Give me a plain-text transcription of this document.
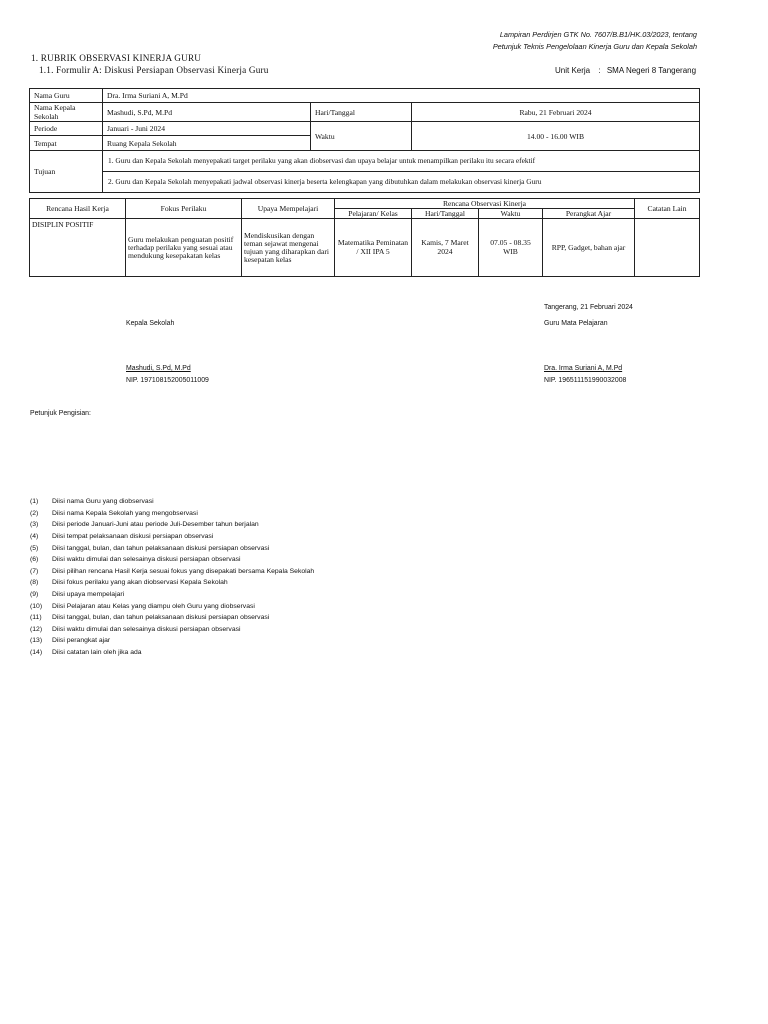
Lampiran Perdirjen GTK No. 7607/B.B1/HK.03/2023, tentang
Petunjuk Teknis Pengelolaan Kinerja Guru dan Kepala Sekolah
1. RUBRIK OBSERVASI KINERJA GURU
1.1. Formulir A: Diskusi Persiapan Observasi Kinerja Guru	Unit Kerja : SMA Negeri 8 Tangerang
Nama Guru	Dra. Irma Suriani A, M.Pd		
Nama Kepala Sekolah	Mashudi, S.Pd, M.Pd	Hari/Tanggal	Rabu, 21 Februari 2024
Periode	Januari - Juni 2024	Waktu	14.00 - 16.00 WIB
Tempat	Ruang Kepala Sekolah		
Tujuan	1. Guru dan Kepala Sekolah menyepakati target perilaku yang akan diobservasi dan upaya belajar untuk menampilkan perilaku itu secara efektif		
	2. Guru dan Kepala Sekolah menyepakati jadwal observasi kinerja beserta kelengkapan yang dibutuhkan dalam melakukan observasi kinerja Guru		
Rencana Hasil Kerja	Fokus Perilaku	Upaya Mempelajari	Rencana Observasi Kinerja				Catatan Lain
			Pelajaran/ Kelas	Hari/Tanggal	Waktu	Perangkat Ajar	
DISIPLIN POSITIF	Guru melakukan penguatan positif terhadap perilaku yang sesuai atau mendukung kesepakatan kelas	Mendiskusikan dengan teman sejawat mengenai tujuan yang diharapkan dari kesepatan kelas	Matematika Peminatan / XII IPA 5	Kamis, 7 Maret 2024	07.05 - 08.35 WIB	RPP, Gadget, bahan ajar	
Tangerang, 21 Februari 2024
Kepala Sekolah	Guru Mata Pelajaran
Mashudi, S.Pd, M.Pd	Dra. Irma Suriani A, M.Pd
NIP. 197108152005011009	NIP. 196511151990032008
Petunjuk Pengisian:
(1)	Diisi nama Guru yang diobservasi
(2)	Diisi nama Kepala Sekolah yang mengobservasi
(3)	Diisi periode Januari-Juni atau periode Juli-Desember tahun berjalan
(4)	Diisi tempat pelaksanaan diskusi persiapan observasi
(5)	Diisi tanggal, bulan, dan tahun pelaksanaan diskusi persiapan observasi
(6)	Diisi waktu dimulai dan selesainya diskusi persiapan observasi
(7)	Diisi pilihan rencana Hasil Kerja sesuai fokus yang disepakati bersama Kepala Sekolah
(8)	Diisi fokus perilaku yang akan diobservasi Kepala Sekolah
(9)	Diisi upaya mempelajari
(10)	Diisi Pelajaran atau Kelas yang diampu oleh Guru yang diobservasi
(11)	Diisi tanggal, bulan, dan tahun pelaksanaan diskusi persiapan observasi
(12)	Diisi waktu dimulai dan selesainya diskusi persiapan observasi
(13)	Diisi perangkat ajar
(14)	Diisi catatan lain oleh jika ada
